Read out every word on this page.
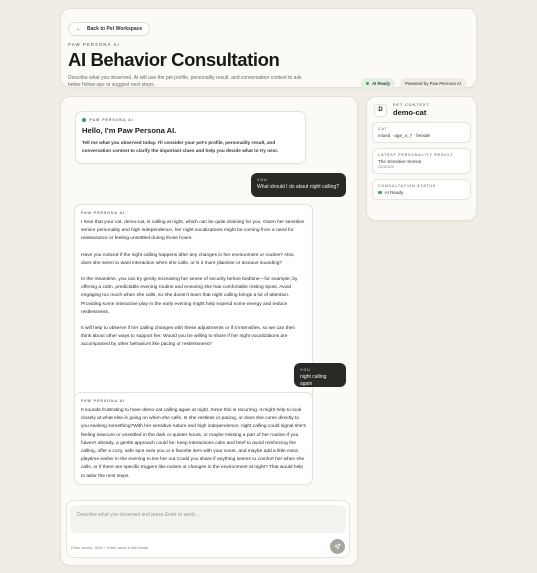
← Back to Pet Workspace
PAW PERSONA AI
AI Behavior Consultation
Describe what you observed. AI will use the pet profile, personality result, and conversation context to ask better follow-ups or suggest next steps.	AI Ready	Powered by Paw Persona AI
PAW PERSONA AI
Hello, I'm Paw Persona AI.
Tell me what you observed today. I'll consider your pet's profile, personality result, and conversation context to clarify the important clues and help you decide what to try next.
YOU
What should I do about night calling?
PAW PERSONA AI

I hear that your cat, demo-cat, is calling at night, which can be quite draining for you. Given her sensitive sensor personality and high independence, her night vocalizations might be coming from a need for reassurance or feeling unsettled during those hours.

Have you noticed if the night calling happens after any changes in her environment or routine? Also, does she seem to want interaction when she calls, or is it more plaintive or anxious sounding?

In the meantime, you can try gently increasing her sense of security before bedtime—for example, by offering a calm, predictable evening routine and ensuring she has comfortable resting spots. Avoid engaging too much when she calls, so she doesn't learn that night calling brings a lot of attention. Providing some interactive play in the early evening might help expend some energy and reduce restlessness.

It will help to observe if her calling changes with these adjustments or if it intensifies, so we can then think about other ways to support her. Would you be willing to share if her night vocalizations are accompanied by other behaviors like pacing or restlessness?

YOU
night calling again
PAW PERSONA AI

It sounds frustrating to have demo-cat calling again at night. Since this is recurring, it might help to look closely at what else is going on when she calls. Is she restless or pacing, or does she come directly to you seeking something?With her sensitive nature and high independence, night calling could signal she's feeling insecure or unsettled in the dark or quieter hours, or maybe missing a part of her routine.If you haven't already, a gentle approach could be: keep interactions calm and brief to avoid reinforcing the calling, offer a cozy, safe spot near you or a favorite item with your scent, and maybe add a little extra playtime earlier in the evening to tire her out.Could you share if anything seems to comfort her when she calls, or if there are specific triggers like noises or changes in the environment at night? That would help to tailor the next steps.

Describe what you observed and press Enter to send...
Enter sends, Shift + Enter adds a line break.
D
PET CONTEXT
demo-cat
CAT
mixed · age_4_7 · female
LATEST PERSONALITY RESULT
The Sensitive Sensor
2026/3/20
CONSULTATION STATUS
AI Ready
